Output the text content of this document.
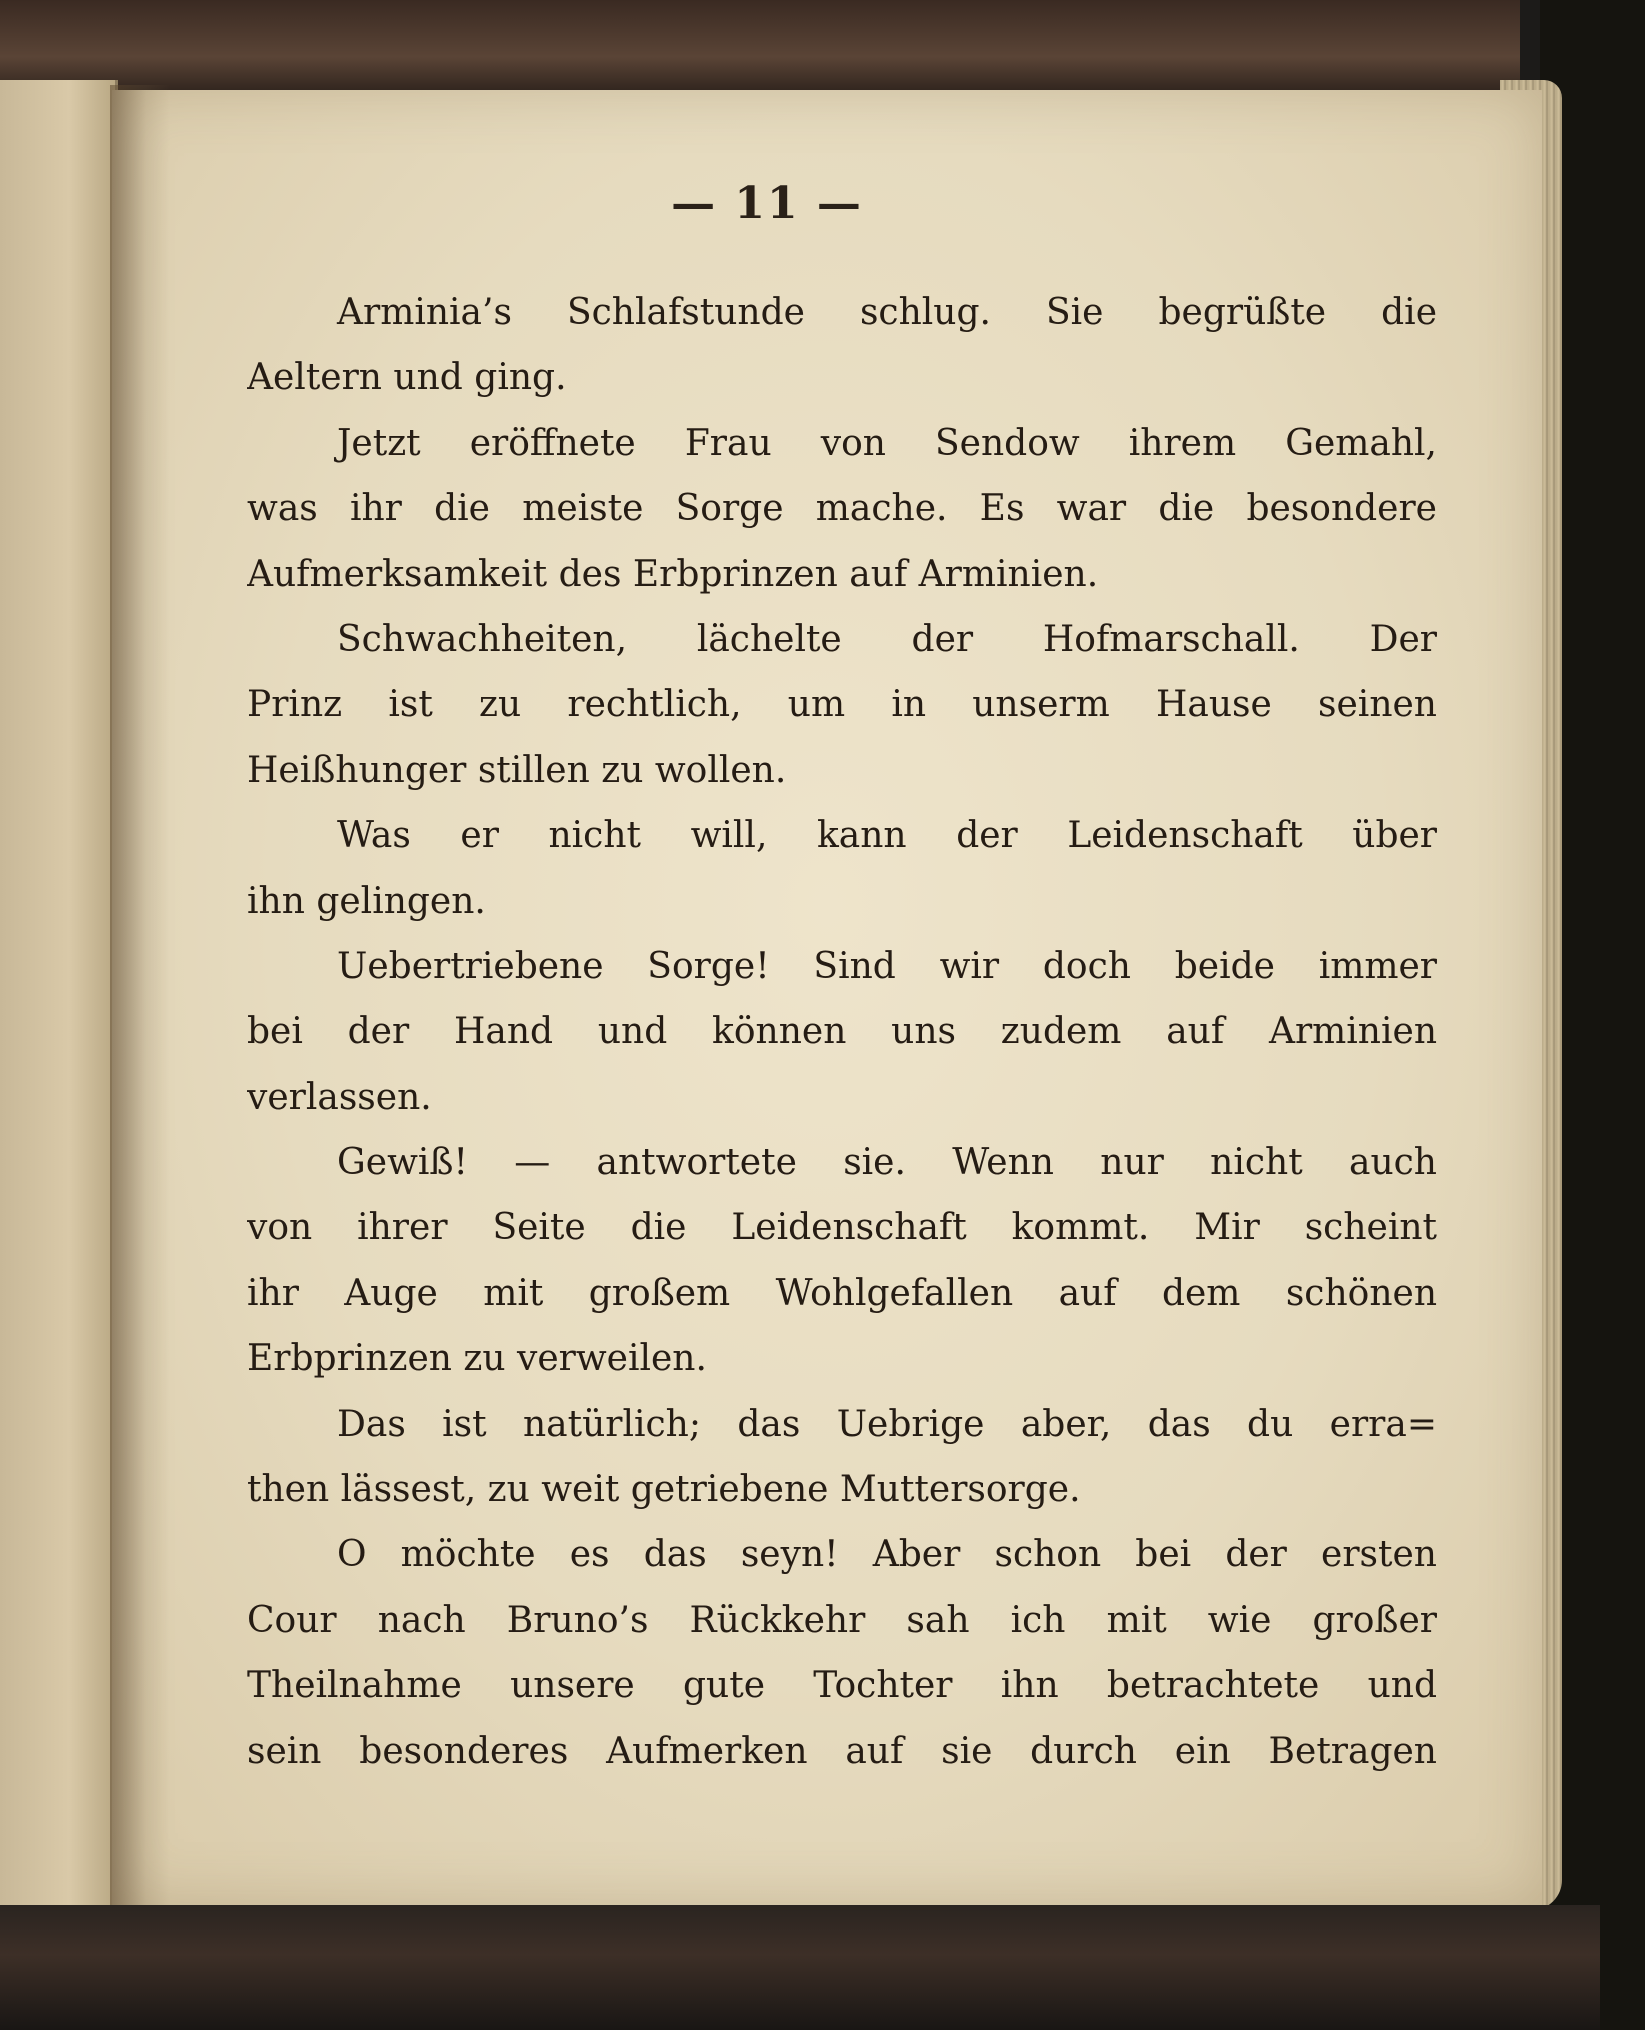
— 11 —
Arminia’s Schlafstunde schlug. Sie begrüßte die
Aeltern und ging.
Jetzt eröffnete Frau von Sendow ihrem Gemahl,
was ihr die meiste Sorge mache. Es war die besondere
Aufmerksamkeit des Erbprinzen auf Arminien.
Schwachheiten, lächelte der Hofmarschall. Der
Prinz ist zu rechtlich, um in unserm Hause seinen
Heißhunger stillen zu wollen.
Was er nicht will, kann der Leidenschaft über
ihn gelingen.
Uebertriebene Sorge! Sind wir doch beide immer
bei der Hand und können uns zudem auf Arminien
verlassen.
Gewiß! — antwortete sie. Wenn nur nicht auch
von ihrer Seite die Leidenschaft kommt. Mir scheint
ihr Auge mit großem Wohlgefallen auf dem schönen
Erbprinzen zu verweilen.
Das ist natürlich; das Uebrige aber, das du erra=
then lässest, zu weit getriebene Muttersorge.
O möchte es das seyn! Aber schon bei der ersten
Cour nach Bruno’s Rückkehr sah ich mit wie großer
Theilnahme unsere gute Tochter ihn betrachtete und
sein besonderes Aufmerken auf sie durch ein Betragen
